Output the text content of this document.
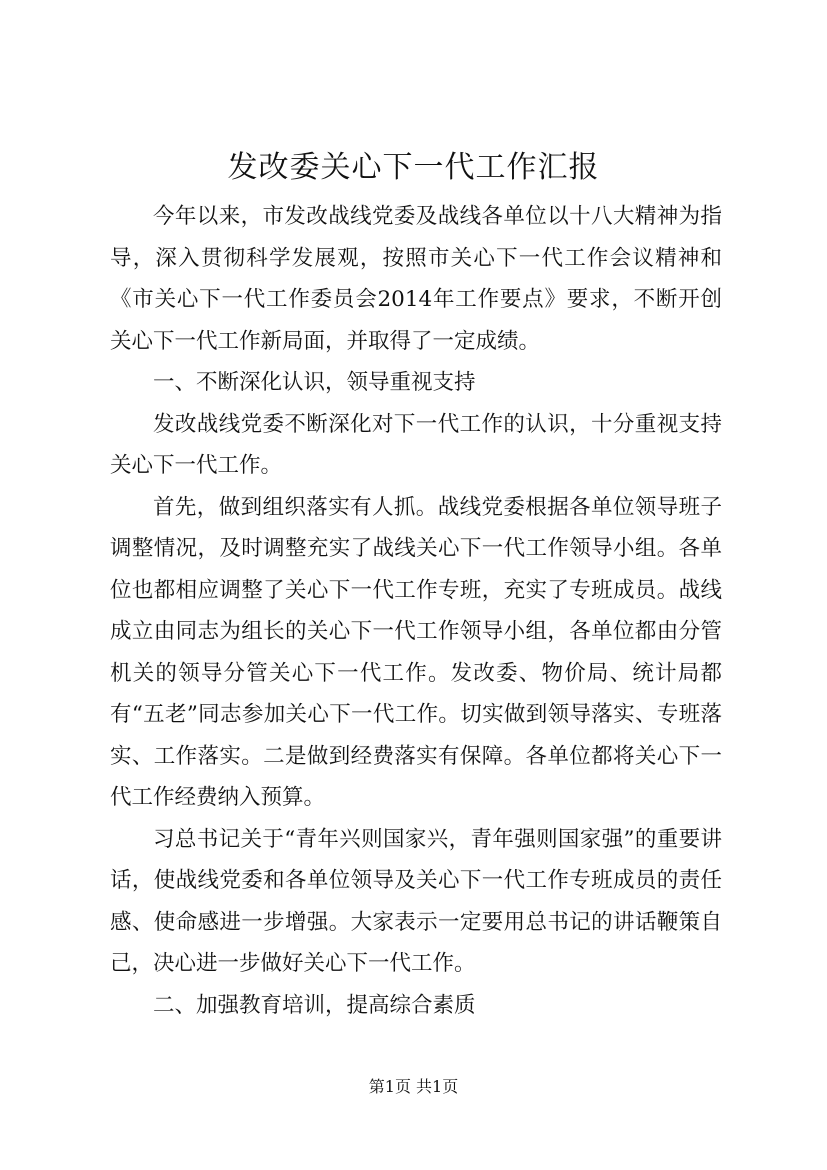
发改委关心下一代工作汇报

今年以来，市发改战线党委及战线各单位以十八大精神为指导，深入贯彻科学发展观，按照市关心下一代工作会议精神和《市关心下一代工作委员会2014年工作要点》要求，不断开创关心下一代工作新局面，并取得了一定成绩。

一、不断深化认识，领导重视支持

发改战线党委不断深化对下一代工作的认识，十分重视支持关心下一代工作。

首先，做到组织落实有人抓。战线党委根据各单位领导班子调整情况，及时调整充实了战线关心下一代工作领导小组。各单位也都相应调整了关心下一代工作专班，充实了专班成员。战线成立由同志为组长的关心下一代工作领导小组，各单位都由分管机关的领导分管关心下一代工作。发改委、物价局、统计局都有“五老”同志参加关心下一代工作。切实做到领导落实、专班落实、工作落实。二是做到经费落实有保障。各单位都将关心下一代工作经费纳入预算。

习总书记关于“青年兴则国家兴，青年强则国家强”的重要讲话，使战线党委和各单位领导及关心下一代工作专班成员的责任感、使命感进一步增强。大家表示一定要用总书记的讲话鞭策自己，决心进一步做好关心下一代工作。

二、加强教育培训，提高综合素质

第1页 共1页
